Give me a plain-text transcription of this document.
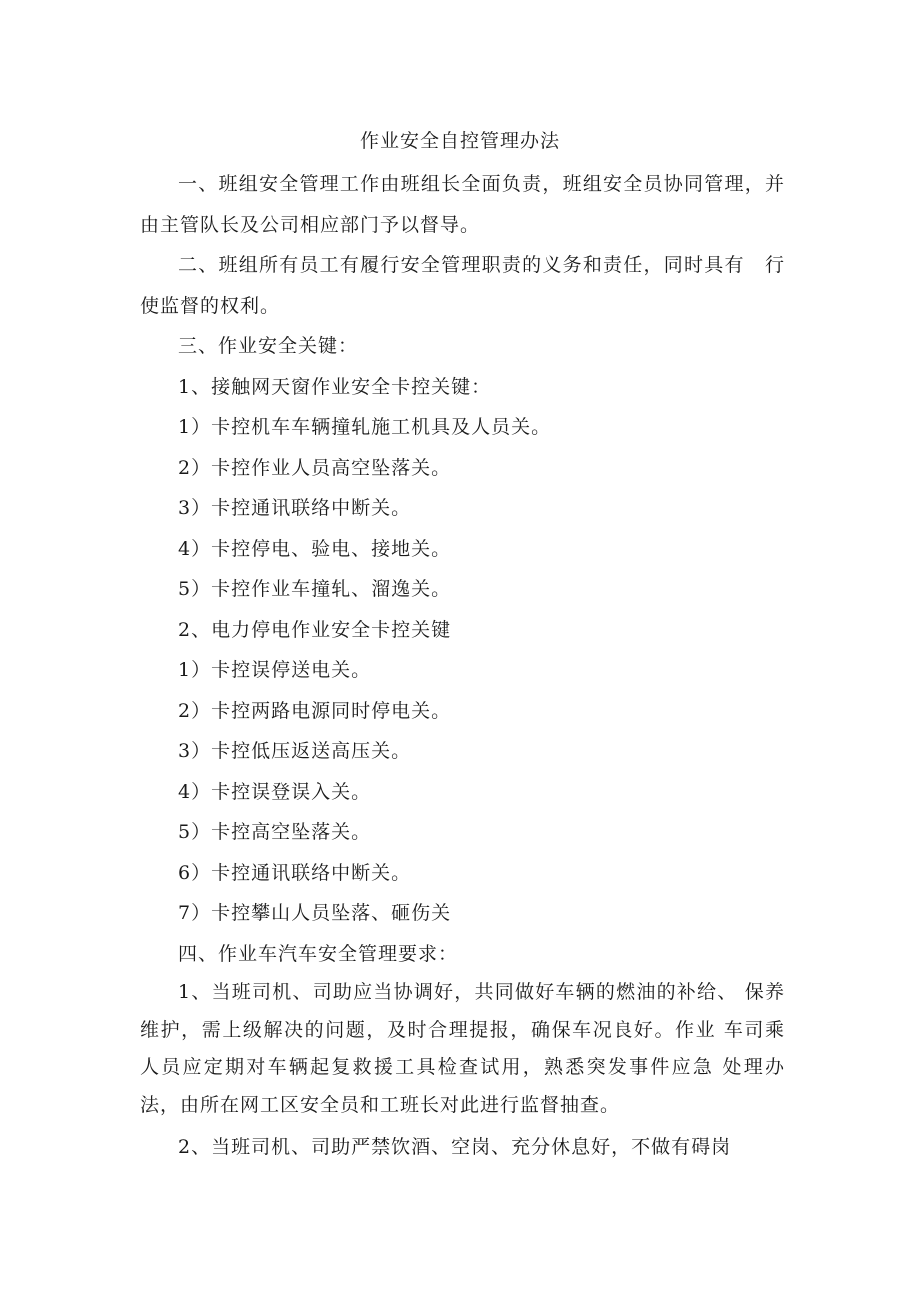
作业安全自控管理办法

一、班组安全管理工作由班组长全面负责，班组安全员协同管理，并由主管队长及公司相应部门予以督导。

二、班组所有员工有履行安全管理职责的义务和责任，同时具有　行使监督的权利。

三、作业安全关键：

1、接触网天窗作业安全卡控关键：

1）卡控机车车辆撞轧施工机具及人员关。

2）卡控作业人员高空坠落关。

3）卡控通讯联络中断关。

4）卡控停电、验电、接地关。

5）卡控作业车撞轧、溜逸关。

2、电力停电作业安全卡控关键

1）卡控误停送电关。

2）卡控两路电源同时停电关。

3）卡控低压返送高压关。

4）卡控误登误入关。

5）卡控高空坠落关。

6）卡控通讯联络中断关。

7）卡控攀山人员坠落、砸伤关

四、作业车汽车安全管理要求：

1、当班司机、司助应当协调好，共同做好车辆的燃油的补给、 保养维护，需上级解决的问题，及时合理提报，确保车况良好。作业 车司乘人员应定期对车辆起复救援工具检查试用，熟悉突发事件应急 处理办法，由所在网工区安全员和工班长对此进行监督抽查。

2、当班司机、司助严禁饮酒、空岗、充分休息好，不做有碍岗
